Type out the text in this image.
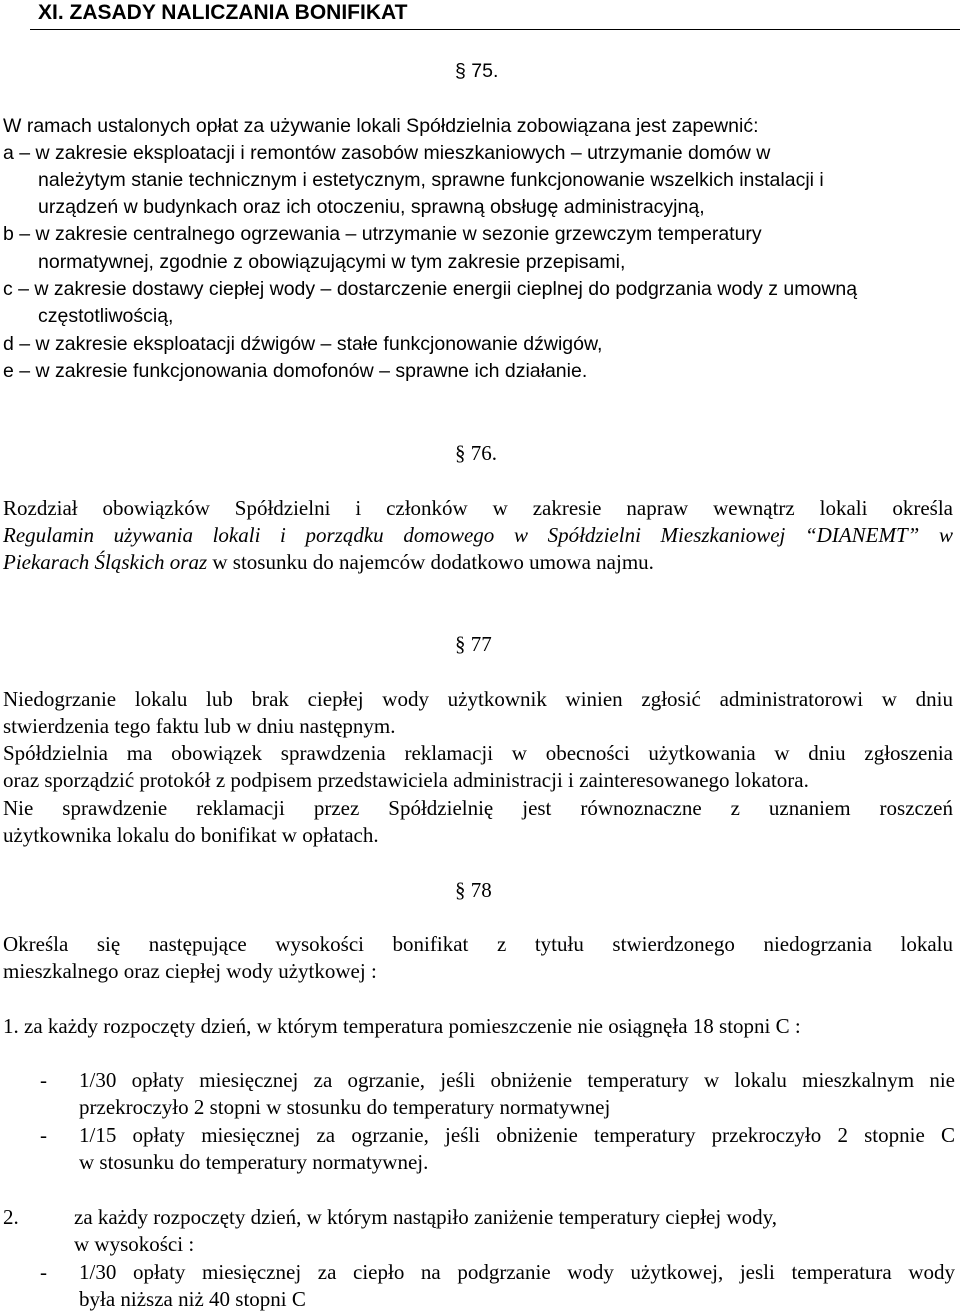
XI. ZASADY NALICZANIA BONIFIKAT
§ 75.
W ramach ustalonych opłat za używanie lokali Spółdzielnia zobowiązana jest zapewnić:
a – w zakresie eksploatacji i remontów zasobów mieszkaniowych – utrzymanie domów w
należytym stanie technicznym i estetycznym, sprawne funkcjonowanie wszelkich instalacji i
urządzeń w budynkach oraz ich otoczeniu, sprawną obsługę administracyjną,
b – w zakresie centralnego ogrzewania – utrzymanie w sezonie grzewczym temperatury
normatywnej, zgodnie z obowiązującymi w tym zakresie przepisami,
c – w zakresie dostawy ciepłej wody – dostarczenie energii cieplnej do podgrzania wody z umowną
częstotliwością,
d – w zakresie eksploatacji dźwigów – stałe funkcjonowanie dźwigów,
e – w zakresie funkcjonowania domofonów – sprawne ich działanie.
§ 76.
Rozdział obowiązków Spółdzielni i członków w zakresie napraw wewnątrz lokali określa
Regulamin używania lokali i porządku domowego w Spółdzielni Mieszkaniowej “DIANEMT” w
Piekarach Śląskich oraz w stosunku do najemców dodatkowo umowa najmu.
§ 77
Niedogrzanie lokalu lub brak ciepłej wody użytkownik winien zgłosić administratorowi w dniu
stwierdzenia tego faktu lub w dniu następnym.
Spółdzielnia ma obowiązek sprawdzenia reklamacji w obecności użytkowania w dniu zgłoszenia
oraz sporządzić protokół z podpisem przedstawiciela administracji i zainteresowanego lokatora.
Nie sprawdzenie reklamacji przez Spółdzielnię jest równoznaczne z uznaniem roszczeń
użytkownika lokalu do bonifikat w opłatach.
§ 78
Określa się następujące wysokości bonifikat z tytułu stwierdzonego niedogrzania lokalu
mieszkalnego oraz ciepłej wody użytkowej :
1. za każdy rozpoczęty dzień, w którym temperatura pomieszczenie nie osiągnęła 18 stopni C :
- 1/30 opłaty miesięcznej za ogrzanie, jeśli obniżenie temperatury w lokalu mieszkalnym nie
przekroczyło 2 stopni w stosunku do temperatury normatywnej
- 1/15 opłaty miesięcznej za ogrzanie, jeśli obniżenie temperatury przekroczyło 2 stopnie C
w stosunku do temperatury normatywnej.
2.	za każdy rozpoczęty dzień, w którym nastąpiło zaniżenie temperatury ciepłej wody,
w wysokości :
- 1/30 opłaty miesięcznej za ciepło na podgrzanie wody użytkowej, jesli temperatura wody
była niższa niż 40 stopni C
